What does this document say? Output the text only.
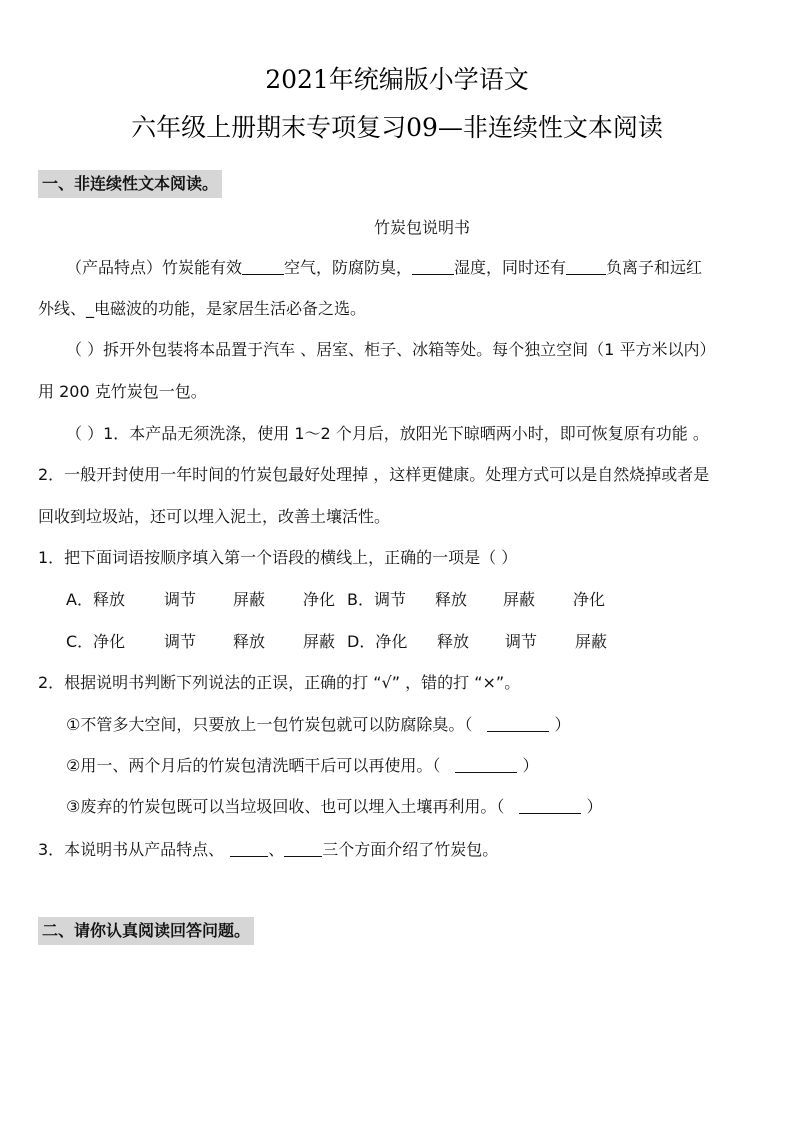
2021年统编版小学语文
六年级上册期末专项复习09—非连续性文本阅读
一、非连续性文本阅读。
竹炭包说明书
（产品特点）竹炭能有效	空气，防腐防臭，	湿度，同时还有	负离子和远红
外线、_电磁波的功能，是家居生活必备之选。
（ ）拆开外包装将本品置于汽车 、居室、柜子、冰箱等处。每个独立空间（1 平方米以内）
用 200 克竹炭包一包。
（ ）1．本产品无须洗涤，使用 1～2 个月后，放阳光下晾晒两小时，即可恢复原有功能 。
2．一般开封使用一年时间的竹炭包最好处理掉 ，这样更健康。处理方式可以是自然烧掉或者是
回收到垃圾站，还可以埋入泥土，改善土壤活性。
1．把下面词语按顺序填入第一个语段的横线上，正确的一项是（ ）
A．释放 调节 屏蔽 净化 B．调节 释放 屏蔽 净化
C．净化 调节 释放 屏蔽 D．净化 释放 调节 屏蔽
2．根据说明书判断下列说法的正误，正确的打 “√” ，错的打 “×”。
①不管多大空间，只要放上一包竹炭包就可以防腐除臭。（	）
②用一、两个月后的竹炭包清洗晒干后可以再使用。（	）
③废弃的竹炭包既可以当垃圾回收、也可以埋入土壤再利用。（	）
3．本说明书从产品特点、	、 三个方面介绍了竹炭包。
二、请你认真阅读回答问题。
